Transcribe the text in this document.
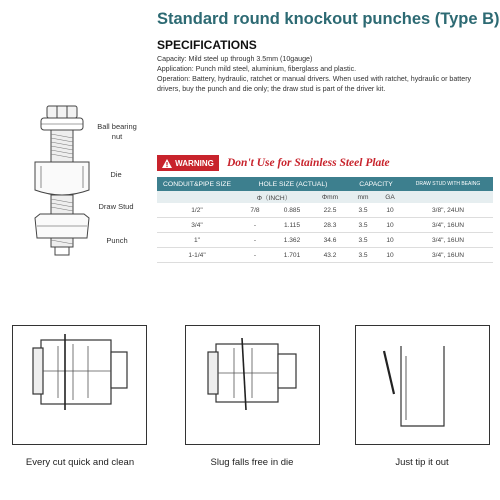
Standard round knockout punches (Type B)
SPECIFICATIONS

Capacity: Mild steel up through 3.5mm (10gauge)

Application: Punch mild steel, aluminium, fiberglass and plastic.

Operation: Battery, hydraulic, ratchet or manual drivers. When used with ratchet, hydraulic or battery drivers, buy the punch and die only; the draw stud is part of the driver kit.

Ball bearing nut
Die
Draw Stud
Punch
WARNING Don't Use for Stainless Steel Plate
CONDUIT&PIPE SIZE	HOLE SIZE (ACTUAL)			CAPACITY		DRAW STUD WITH BEAING
	Φ（INCH）		Φmm	mm	GA	
1/2"	7/8	0.885	22.5	3.5	10	3/8", 24UN
3/4"	-	1.115	28.3	3.5	10	3/4", 16UN
1"	-	1.362	34.6	3.5	10	3/4", 16UN
1-1/4"	-	1.701	43.2	3.5	10	3/4", 16UN
Every cut quick and clean	Slug falls free in die	Just tip it out
